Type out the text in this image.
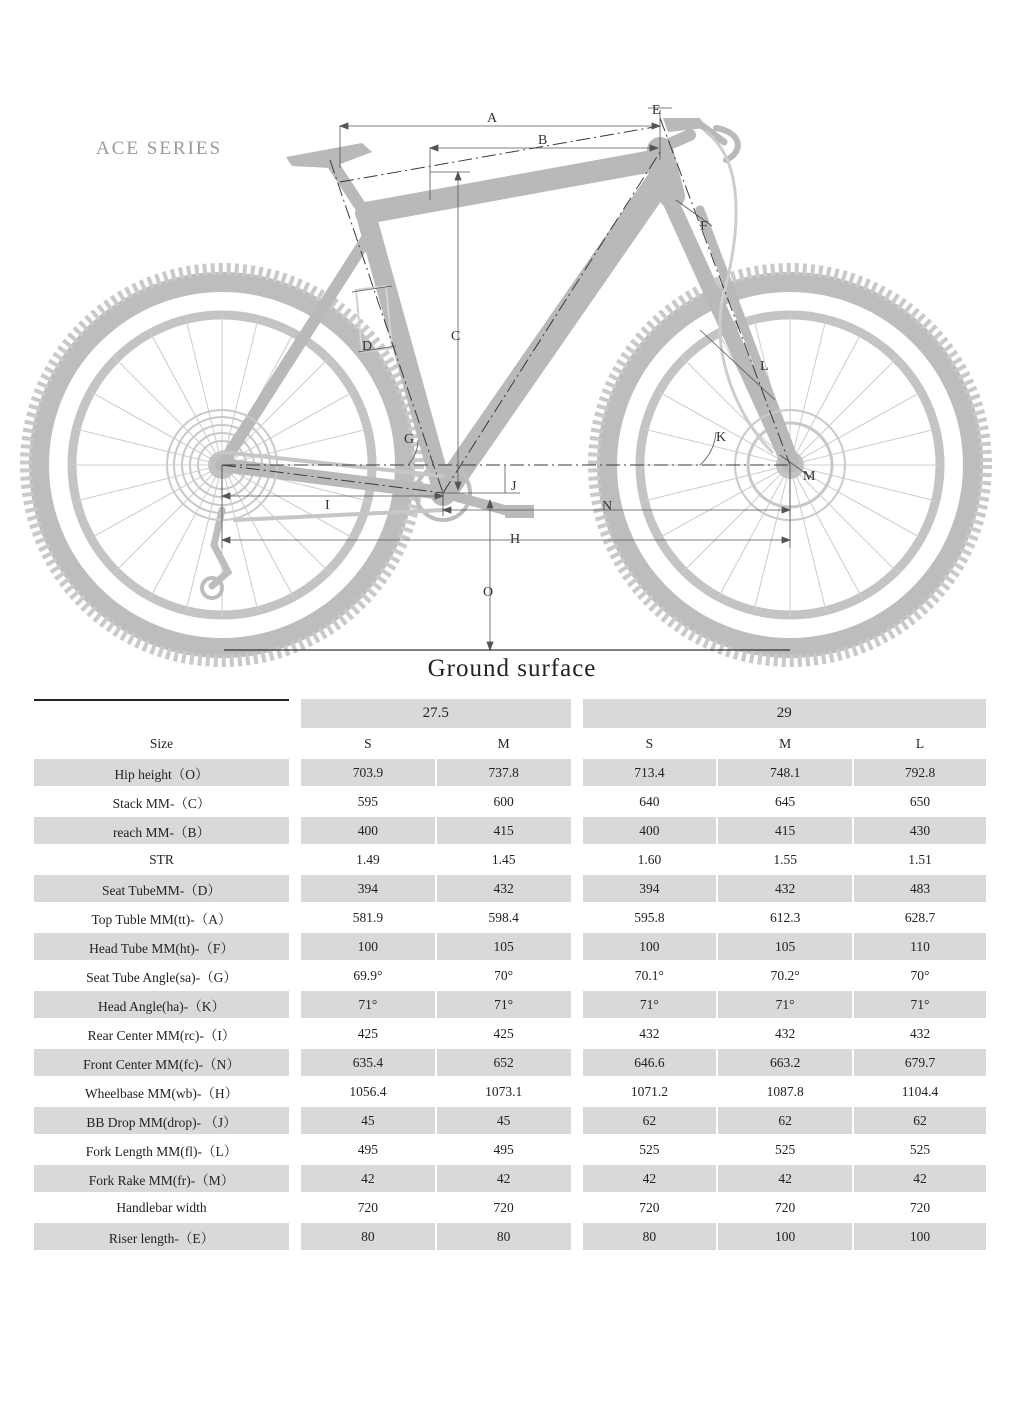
A
B
C
D
E
F
G
H
I
J
K
L
M
N
O
ACE SERIES
Ground surface
		27.5			29		
Size		S	M		S	M	L
Hip height（O）		703.9	737.8		713.4	748.1	792.8
Stack MM-（C）		595	600		640	645	650
reach MM-（B）		400	415		400	415	430
STR		1.49	1.45		1.60	1.55	1.51
Seat TubeMM-（D）		394	432		394	432	483
Top Tuble MM(tt)-（A）		581.9	598.4		595.8	612.3	628.7
Head Tube MM(ht)-（F）		100	105		100	105	110
Seat Tube Angle(sa)-（G）		69.9°	70°		70.1°	70.2°	70°
Head Angle(ha)-（K）		71°	71°		71°	71°	71°
Rear Center MM(rc)-（I）		425	425		432	432	432
Front Center MM(fc)-（N）		635.4	652		646.6	663.2	679.7
Wheelbase MM(wb)-（H）		1056.4	1073.1		1071.2	1087.8	1104.4
BB Drop MM(drop)- （J）		45	45		62	62	62
Fork Length MM(fl)-（L）		495	495		525	525	525
Fork Rake MM(fr)-（M）		42	42		42	42	42
Handlebar width		720	720		720	720	720
Riser length-（E）		80	80		80	100	100
